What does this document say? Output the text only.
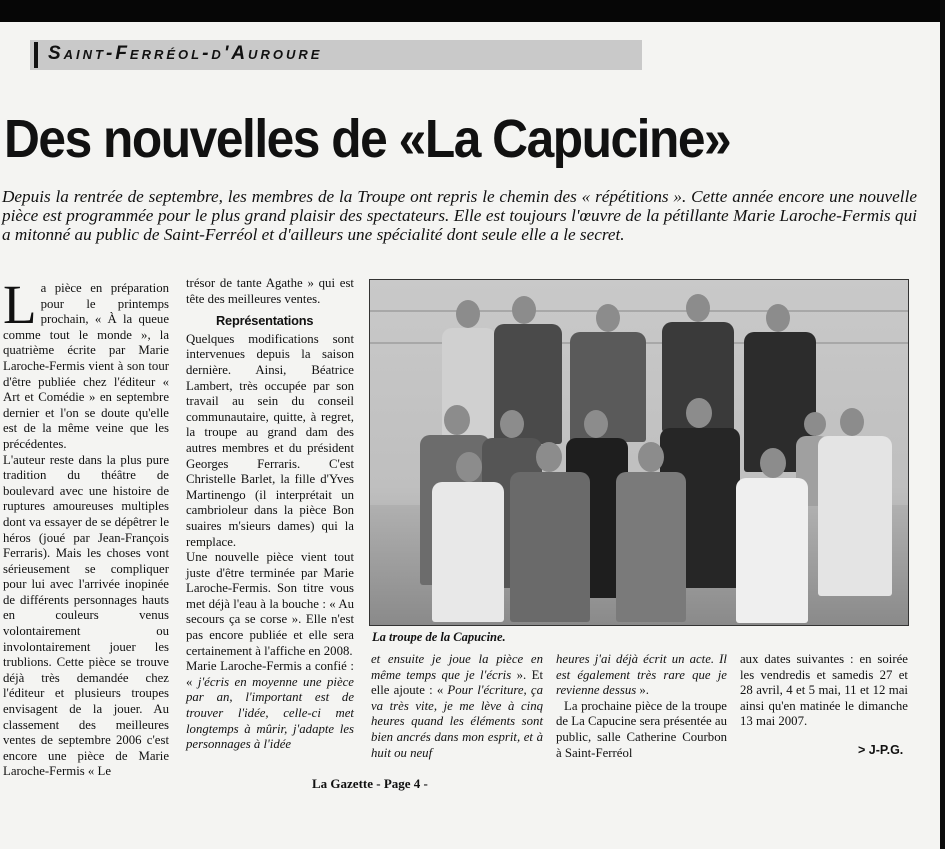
Saint-Ferréol-d'Auroure
Des nouvelles de «La Capucine»
Depuis la rentrée de septembre, les membres de la Troupe ont repris le chemin des « répétitions ». Cette année encore une nouvelle pièce est programmée pour le plus grand plaisir des spectateurs. Elle est toujours l'œuvre de la pétillante Marie Laroche-Fermis qui a mitonné au public de Saint-Ferréol et d'ailleurs une spécialité dont seule elle a le secret.

La pièce en préparation pour le printemps prochain, « À la queue comme tout le monde », la quatrième écrite par Marie Laroche-Fermis vient à son tour d'être publiée chez l'éditeur « Art et Comédie » en septembre dernier et l'on se doute qu'elle est de la même veine que les précédentes.

L'auteur reste dans la plus pure tradition du théâtre de boulevard avec une histoire de ruptures amoureuses multiples dont va essayer de se dépêtrer le héros (joué par Jean-François Ferraris). Mais les choses vont sérieusement se compliquer pour lui avec l'arrivée inopinée de différents personnages hauts en couleurs venus volontairement ou involontairement jouer les trublions. Cette pièce se trouve déjà très demandée chez l'éditeur et plusieurs troupes envisagent de la jouer. Au classement des meilleures ventes de septembre 2006 c'est encore une pièce de Marie Laroche-Fermis « Le

trésor de tante Agathe » qui est tête des meilleures ventes.

Représentations

Quelques modifications sont intervenues depuis la saison dernière. Ainsi, Béatrice Lambert, très occupée par son travail au sein du conseil communautaire, quitte, à regret, la troupe au grand dam des autres membres et du président Georges Ferraris. C'est Christelle Barlet, la fille d'Yves Martinengo (il interprétait un cambrioleur dans la pièce Bon suaires m'sieurs dames) qui la remplace.

Une nouvelle pièce vient tout juste d'être terminée par Marie Laroche-Fermis. Son titre vous met déjà l'eau à la bouche : « Au secours ça se corse ». Elle n'est pas encore publiée et elle sera certainement à l'affiche en 2008.

Marie Laroche-Fermis a confié : « j'écris en moyenne une pièce par an, l'important est de trouver l'idée, celle-ci met longtemps à mûrir, j'adapte les personnages à l'idée

La troupe de la Capucine.

et ensuite je joue la pièce en même temps que je l'écris ». Et elle ajoute : « Pour l'écriture, ça va très vite, je me lève à cinq heures quand les éléments sont bien ancrés dans mon esprit, et à huit ou neuf

heures j'ai déjà écrit un acte. Il est également très rare que je revienne dessus ».

La prochaine pièce de la troupe de La Capucine sera présentée au public, salle Catherine Courbon à Saint-Ferréol

aux dates suivantes : en soirée les vendredis et samedis 27 et 28 avril, 4 et 5 mai, 11 et 12 mai ainsi qu'en matinée le dimanche 13 mai 2007.

> J-P.G.
La Gazette - Page 4 -
